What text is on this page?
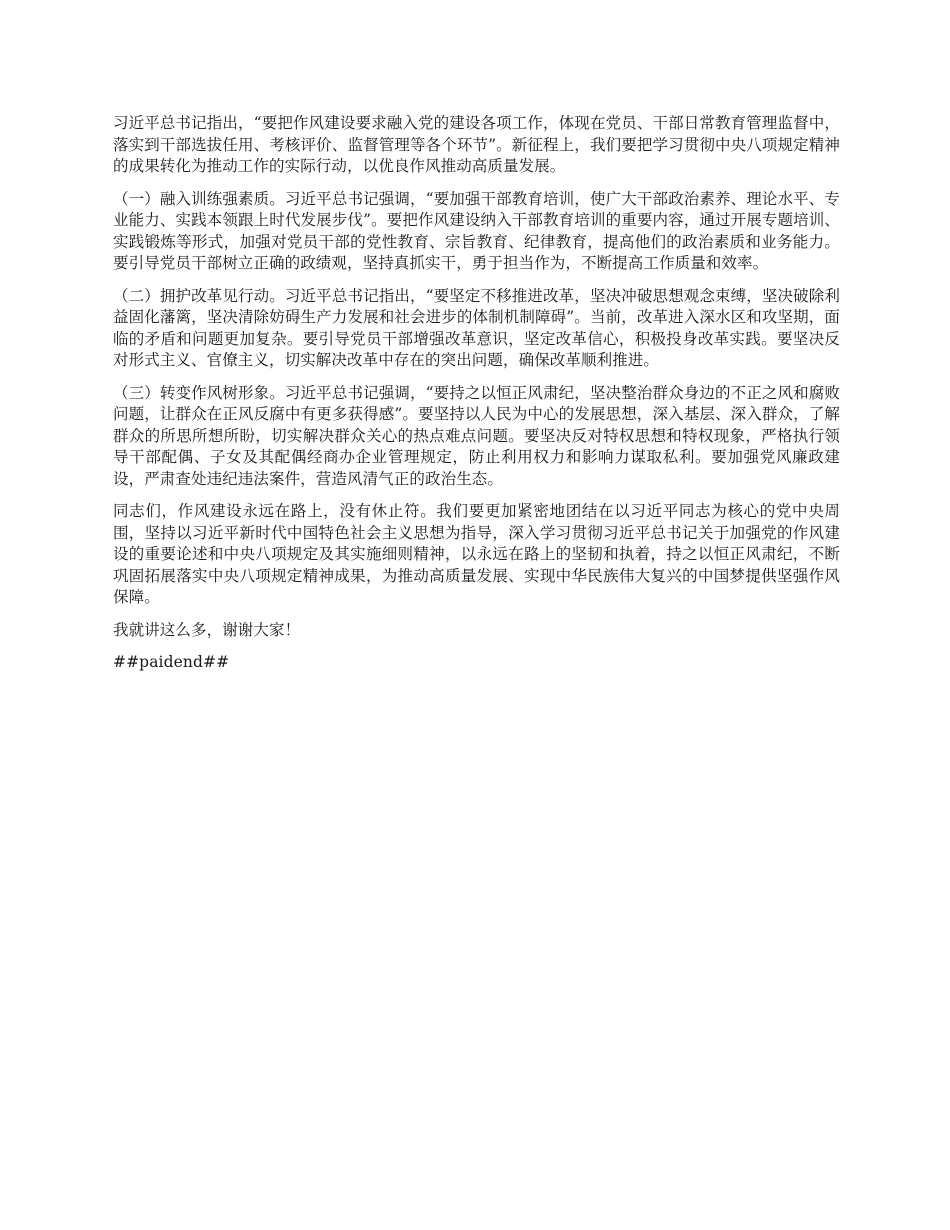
习近平总书记指出，“要把作风建设要求融入党的建设各项工作，体现在党员、干部日常教育管理监督中，落实到干部选拔任用、考核评价、监督管理等各个环节”。新征程上，我们要把学习贯彻中央八项规定精神的成果转化为推动工作的实际行动，以优良作风推动高质量发展。

（一）融入训练强素质。习近平总书记强调，“要加强干部教育培训，使广大干部政治素养、理论水平、专业能力、实践本领跟上时代发展步伐”。要把作风建设纳入干部教育培训的重要内容，通过开展专题培训、实践锻炼等形式，加强对党员干部的党性教育、宗旨教育、纪律教育，提高他们的政治素质和业务能力。要引导党员干部树立正确的政绩观，坚持真抓实干，勇于担当作为，不断提高工作质量和效率。

（二）拥护改革见行动。习近平总书记指出，“要坚定不移推进改革，坚决冲破思想观念束缚，坚决破除利益固化藩篱，坚决清除妨碍生产力发展和社会进步的体制机制障碍”。当前，改革进入深水区和攻坚期，面临的矛盾和问题更加复杂。要引导党员干部增强改革意识，坚定改革信心，积极投身改革实践。要坚决反对形式主义、官僚主义，切实解决改革中存在的突出问题，确保改革顺利推进。

（三）转变作风树形象。习近平总书记强调，“要持之以恒正风肃纪，坚决整治群众身边的不正之风和腐败问题，让群众在正风反腐中有更多获得感”。要坚持以人民为中心的发展思想，深入基层、深入群众，了解群众的所思所想所盼，切实解决群众关心的热点难点问题。要坚决反对特权思想和特权现象，严格执行领导干部配偶、子女及其配偶经商办企业管理规定，防止利用权力和影响力谋取私利。要加强党风廉政建设，严肃查处违纪违法案件，营造风清气正的政治生态。

同志们，作风建设永远在路上，没有休止符。我们要更加紧密地团结在以习近平同志为核心的党中央周围，坚持以习近平新时代中国特色社会主义思想为指导，深入学习贯彻习近平总书记关于加强党的作风建设的重要论述和中央八项规定及其实施细则精神，以永远在路上的坚韧和执着，持之以恒正风肃纪，不断巩固拓展落实中央八项规定精神成果，为推动高质量发展、实现中华民族伟大复兴的中国梦提供坚强作风保障。

我就讲这么多，谢谢大家！

##paidend##
